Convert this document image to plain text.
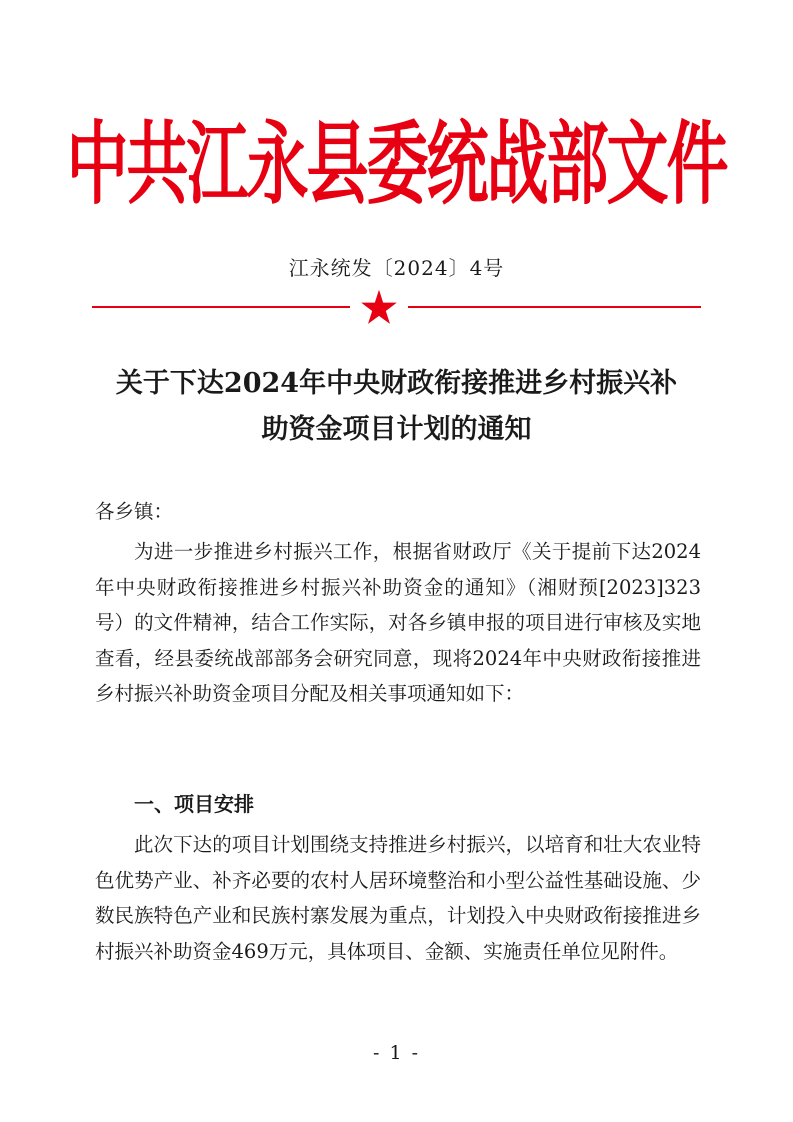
中共江永县委统战部文件
江永统发〔2024〕4号
关于下达2024年中央财政衔接推进乡村振兴补
助资金项目计划的通知
各乡镇：
为进一步推进乡村振兴工作，根据省财政厅《关于提前下达2024年中央财政衔接推进乡村振兴补助资金的通知》（湘财预[2023]323号）的文件精神，结合工作实际，对各乡镇申报的项目进行审核及实地查看，经县委统战部部务会研究同意，现将2024年中央财政衔接推进乡村振兴补助资金项目分配及相关事项通知如下：
一、项目安排
此次下达的项目计划围绕支持推进乡村振兴，以培育和壮大农业特色优势产业、补齐必要的农村人居环境整治和小型公益性基础设施、少数民族特色产业和民族村寨发展为重点，计划投入中央财政衔接推进乡村振兴补助资金469万元，具体项目、金额、实施责任单位见附件。
- 1 -
